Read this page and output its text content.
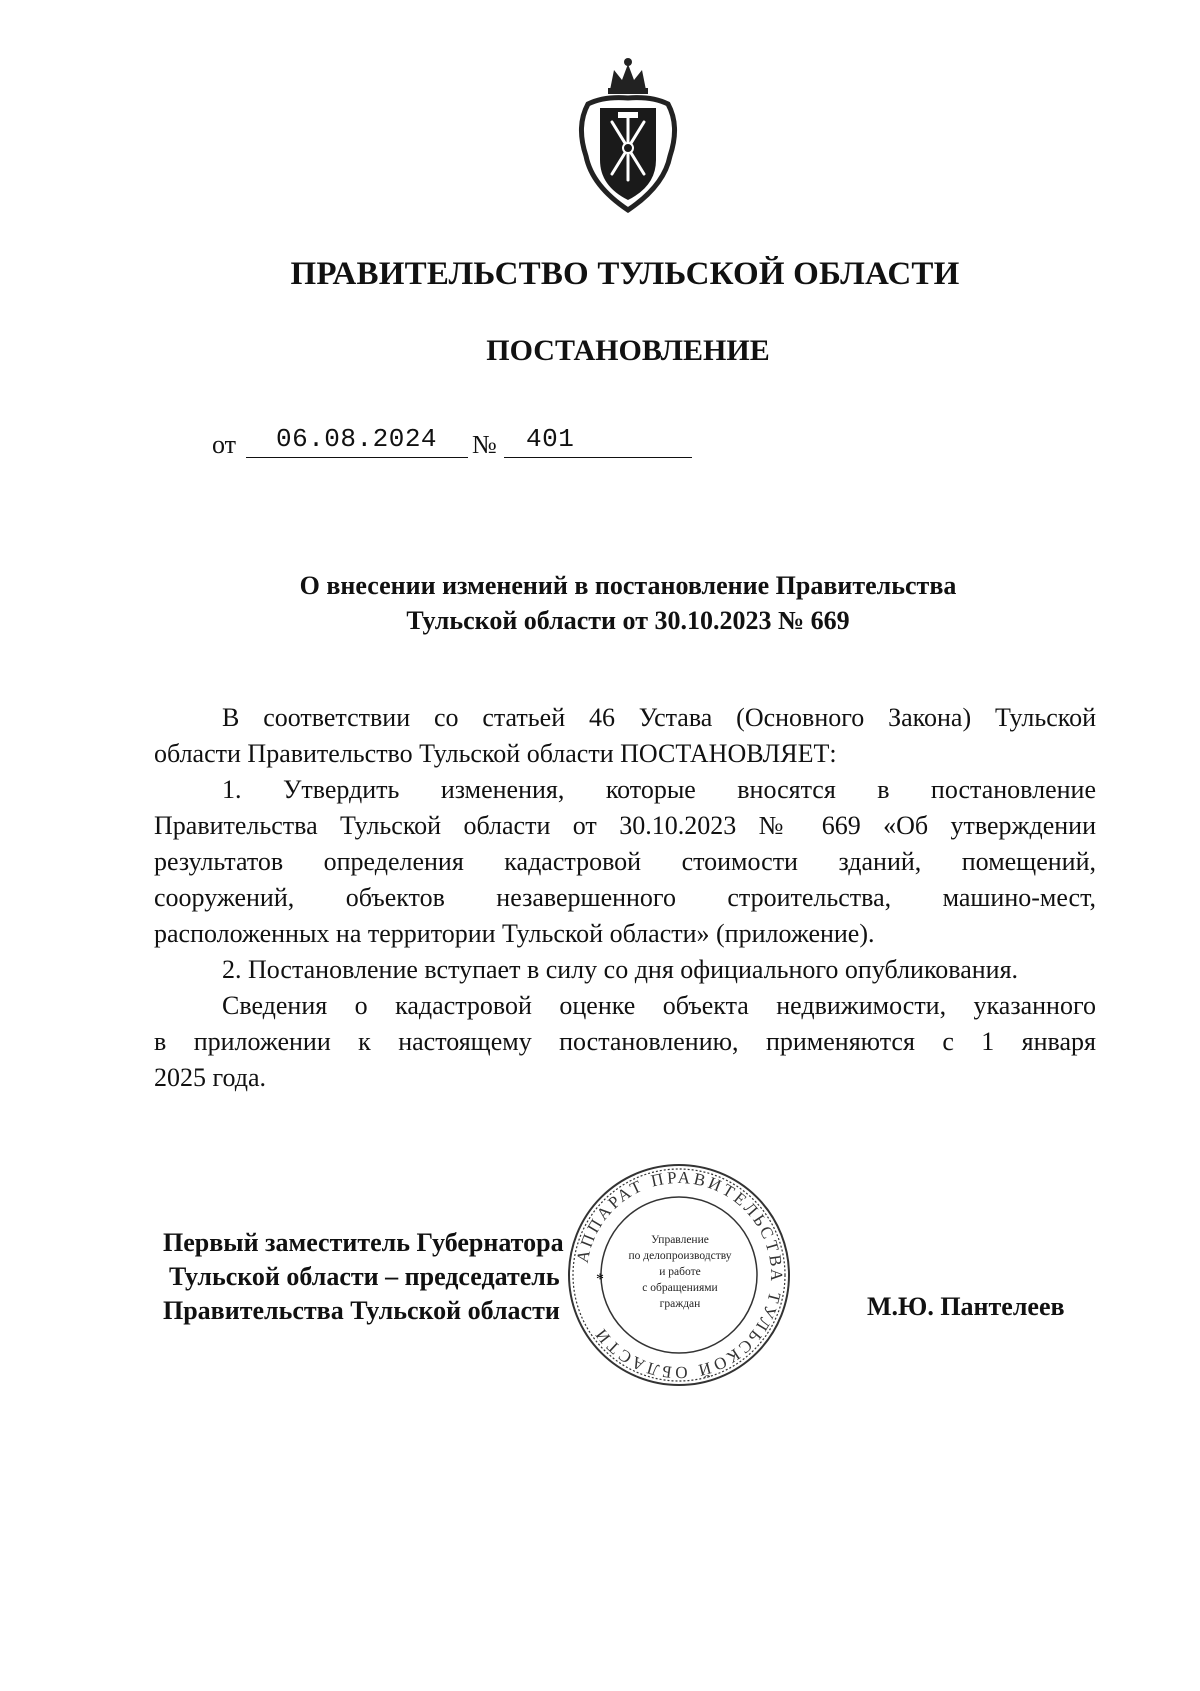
ПРАВИТЕЛЬСТВО ТУЛЬСКОЙ ОБЛАСТИ
ПОСТАНОВЛЕНИЕ
от 06.08.2024 № 401
О внесении изменений в постановление Правительства
Тульской области от 30.10.2023 № 669
В соответствии со статьей 46 Устава (Основного Закона) Тульской
области Правительство Тульской области ПОСТАНОВЛЯЕТ:
1. Утвердить изменения, которые вносятся в постановление
Правительства Тульской области от 30.10.2023 № 669 «Об утверждении
результатов определения кадастровой стоимости зданий, помещений,
сооружений, объектов незавершенного строительства, машино-мест,
расположенных на территории Тульской области» (приложение).
2. Постановление вступает в силу со дня официального опубликования.
Сведения о кадастровой оценке объекта недвижимости, указанного
в приложении к настоящему постановлению, применяются с 1 января
2025 года.
Первый заместитель Губернатора
Тульской области – председатель
Правительства Тульской области	М.Ю. Пантелеев
АППАРАТ ПРАВИТЕЛЬСТВА ТУЛЬСКОЙ ОБЛАСТИ
*
Управление
по делопроизводству
и работе
с обращениями
граждан
